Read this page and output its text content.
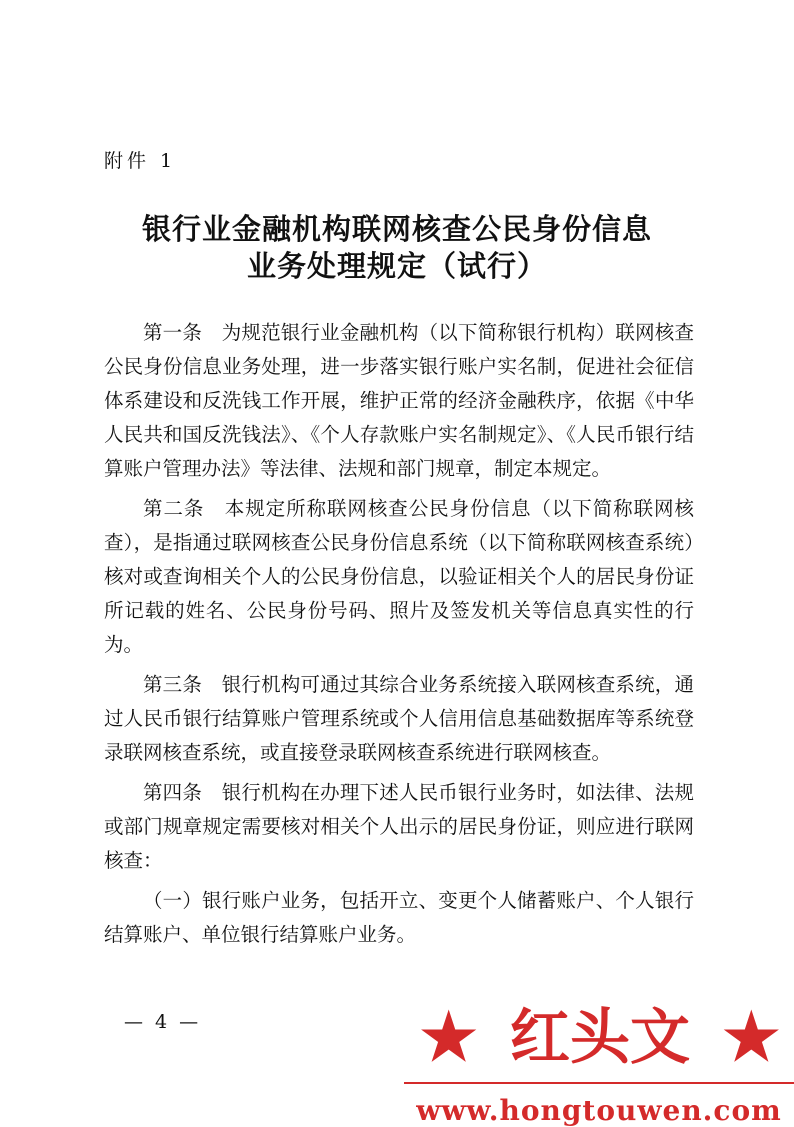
附件 1
银行业金融机构联网核查公民身份信息
业务处理规定（试行）

第一条　为规范银行业金融机构（以下简称银行机构）联网核查公民身份信息业务处理，进一步落实银行账户实名制，促进社会征信体系建设和反洗钱工作开展，维护正常的经济金融秩序，依据《中华人民共和国反洗钱法》、《个人存款账户实名制规定》、《人民币银行结算账户管理办法》等法律、法规和部门规章，制定本规定。

第二条　本规定所称联网核查公民身份信息（以下简称联网核查），是指通过联网核查公民身份信息系统（以下简称联网核查系统）核对或查询相关个人的公民身份信息，以验证相关个人的居民身份证所记载的姓名、公民身份号码、照片及签发机关等信息真实性的行为。

第三条　银行机构可通过其综合业务系统接入联网核查系统，通过人民币银行结算账户管理系统或个人信用信息基础数据库等系统登录联网核查系统，或直接登录联网核查系统进行联网核查。

第四条　银行机构在办理下述人民币银行业务时，如法律、法规或部门规章规定需要核对相关个人出示的居民身份证，则应进行联网核查：

（一）银行账户业务，包括开立、变更个人储蓄账户、个人银行结算账户、单位银行结算账户业务。

— 4 —	★ 红头文 ★
www.hongtouwen.com
